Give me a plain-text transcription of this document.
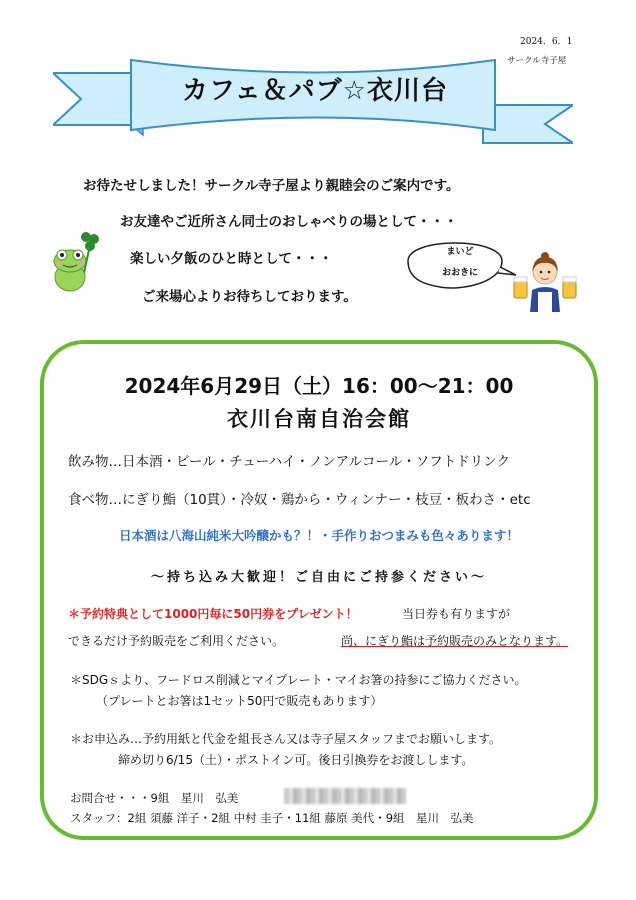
2024．6．1
サークル寺子屋
カフェ＆パブ☆衣川台
お待たせしました！サークル寺子屋より親睦会のご案内です。
お友達やご近所さん同士のおしゃべりの場として・・・
楽しい夕飯のひと時として・・・
ご来場心よりお待ちしております。
まいど
おおきに
2024年6月29日（土）16：00～21：00
衣川台南自治会館
飲み物…日本酒・ビール・チューハイ・ノンアルコール・ソフトドリンク
食べ物…にぎり鮨（10貫）・冷奴・鶏から・ウィンナー・枝豆・板わさ・etc
日本酒は八海山純米大吟醸かも？！・手作りおつまみも色々あります！
～持ち込み大歓迎！ご自由にご持参ください～
＊予約特典として1000円毎に50円券をプレゼント！	当日券も有りますが
できるだけ予約販売をご利用ください。	尚、にぎり鮨は予約販売のみとなります。
＊SDGｓより、フードロス削減とマイプレート・マイお箸の持参にご協力ください。
（プレートとお箸は1セット50円で販売もあります）
＊お申込み…予約用紙と代金を組長さん又は寺子屋スタッフまでお願いします。
締め切り6/15（土）・ポストイン可。後日引換券をお渡しします。
お問合せ・・・9組　星川　弘美
スタッフ：2組 須藤 洋子・2組 中村 圭子・11組 藤原 美代・9組　星川　弘美
